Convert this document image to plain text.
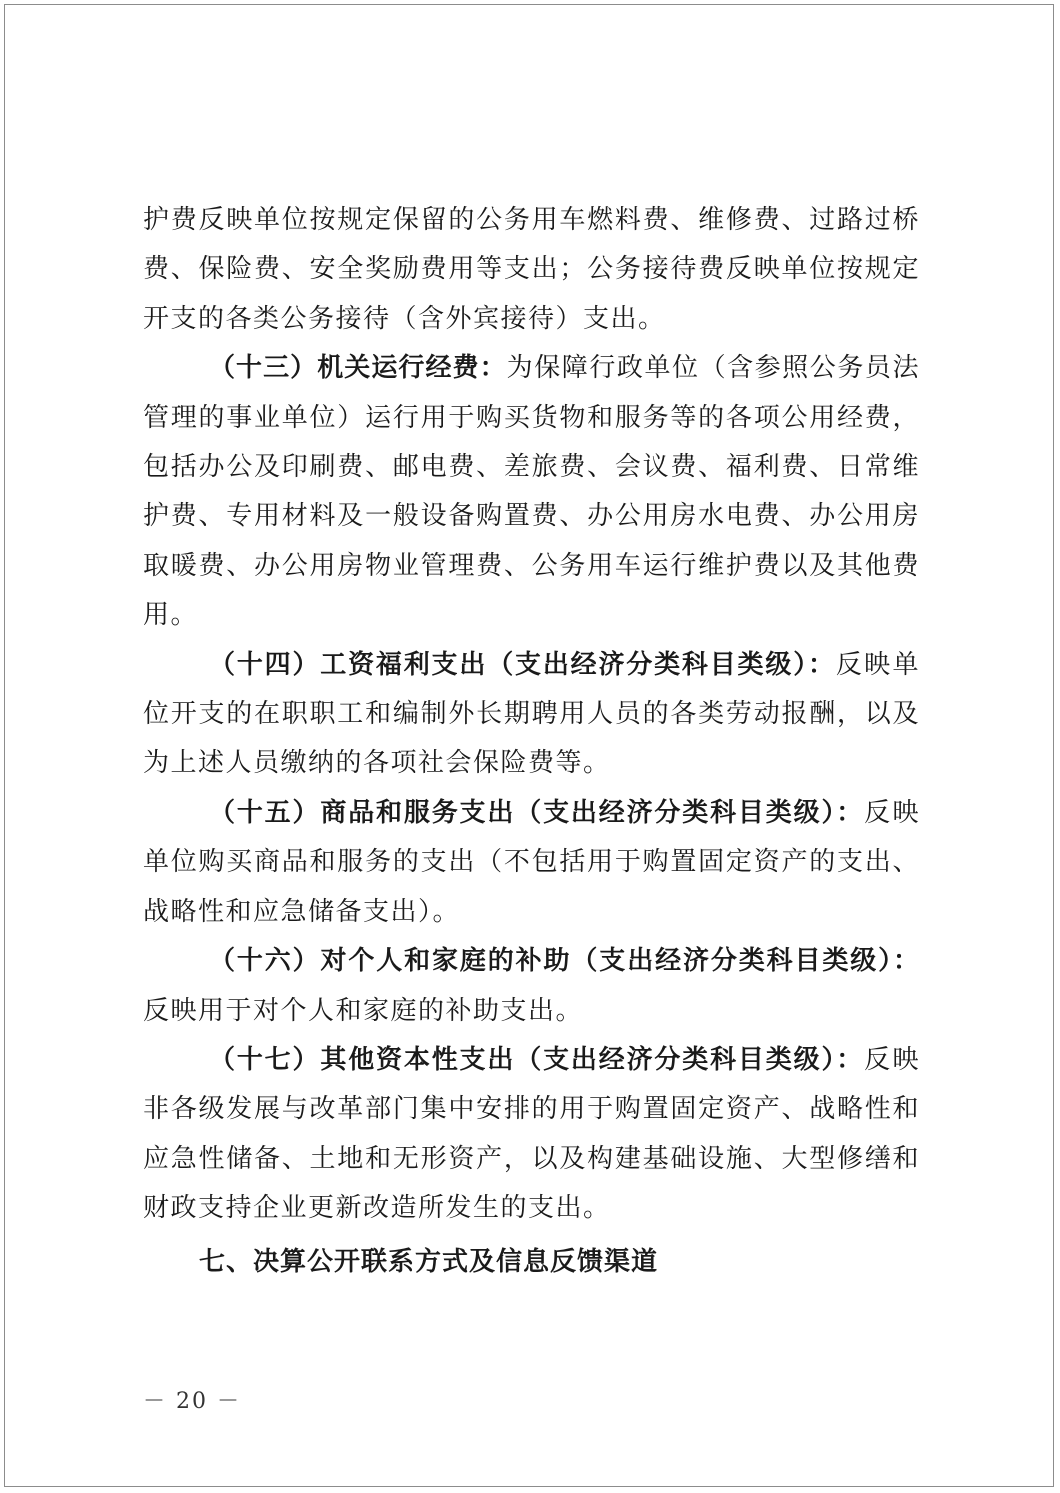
护费反映单位按规定保留的公务用车燃料费、维修费、过路过桥费、保险费、安全奖励费用等支出；公务接待费反映单位按规定开支的各类公务接待（含外宾接待）支出。

（十三）机关运行经费：为保障行政单位（含参照公务员法管理的事业单位）运行用于购买货物和服务等的各项公用经费，包括办公及印刷费、邮电费、差旅费、会议费、福利费、日常维护费、专用材料及一般设备购置费、办公用房水电费、办公用房取暖费、办公用房物业管理费、公务用车运行维护费以及其他费用。

（十四）工资福利支出（支出经济分类科目类级）：反映单位开支的在职职工和编制外长期聘用人员的各类劳动报酬，以及为上述人员缴纳的各项社会保险费等。

（十五）商品和服务支出（支出经济分类科目类级）：反映单位购买商品和服务的支出（不包括用于购置固定资产的支出、战略性和应急储备支出）。

（十六）对个人和家庭的补助（支出经济分类科目类级）：反映用于对个人和家庭的补助支出。

（十七）其他资本性支出（支出经济分类科目类级）：反映非各级发展与改革部门集中安排的用于购置固定资产、战略性和应急性储备、土地和无形资产，以及构建基础设施、大型修缮和财政支持企业更新改造所发生的支出。

七、决算公开联系方式及信息反馈渠道

－ 20 －
